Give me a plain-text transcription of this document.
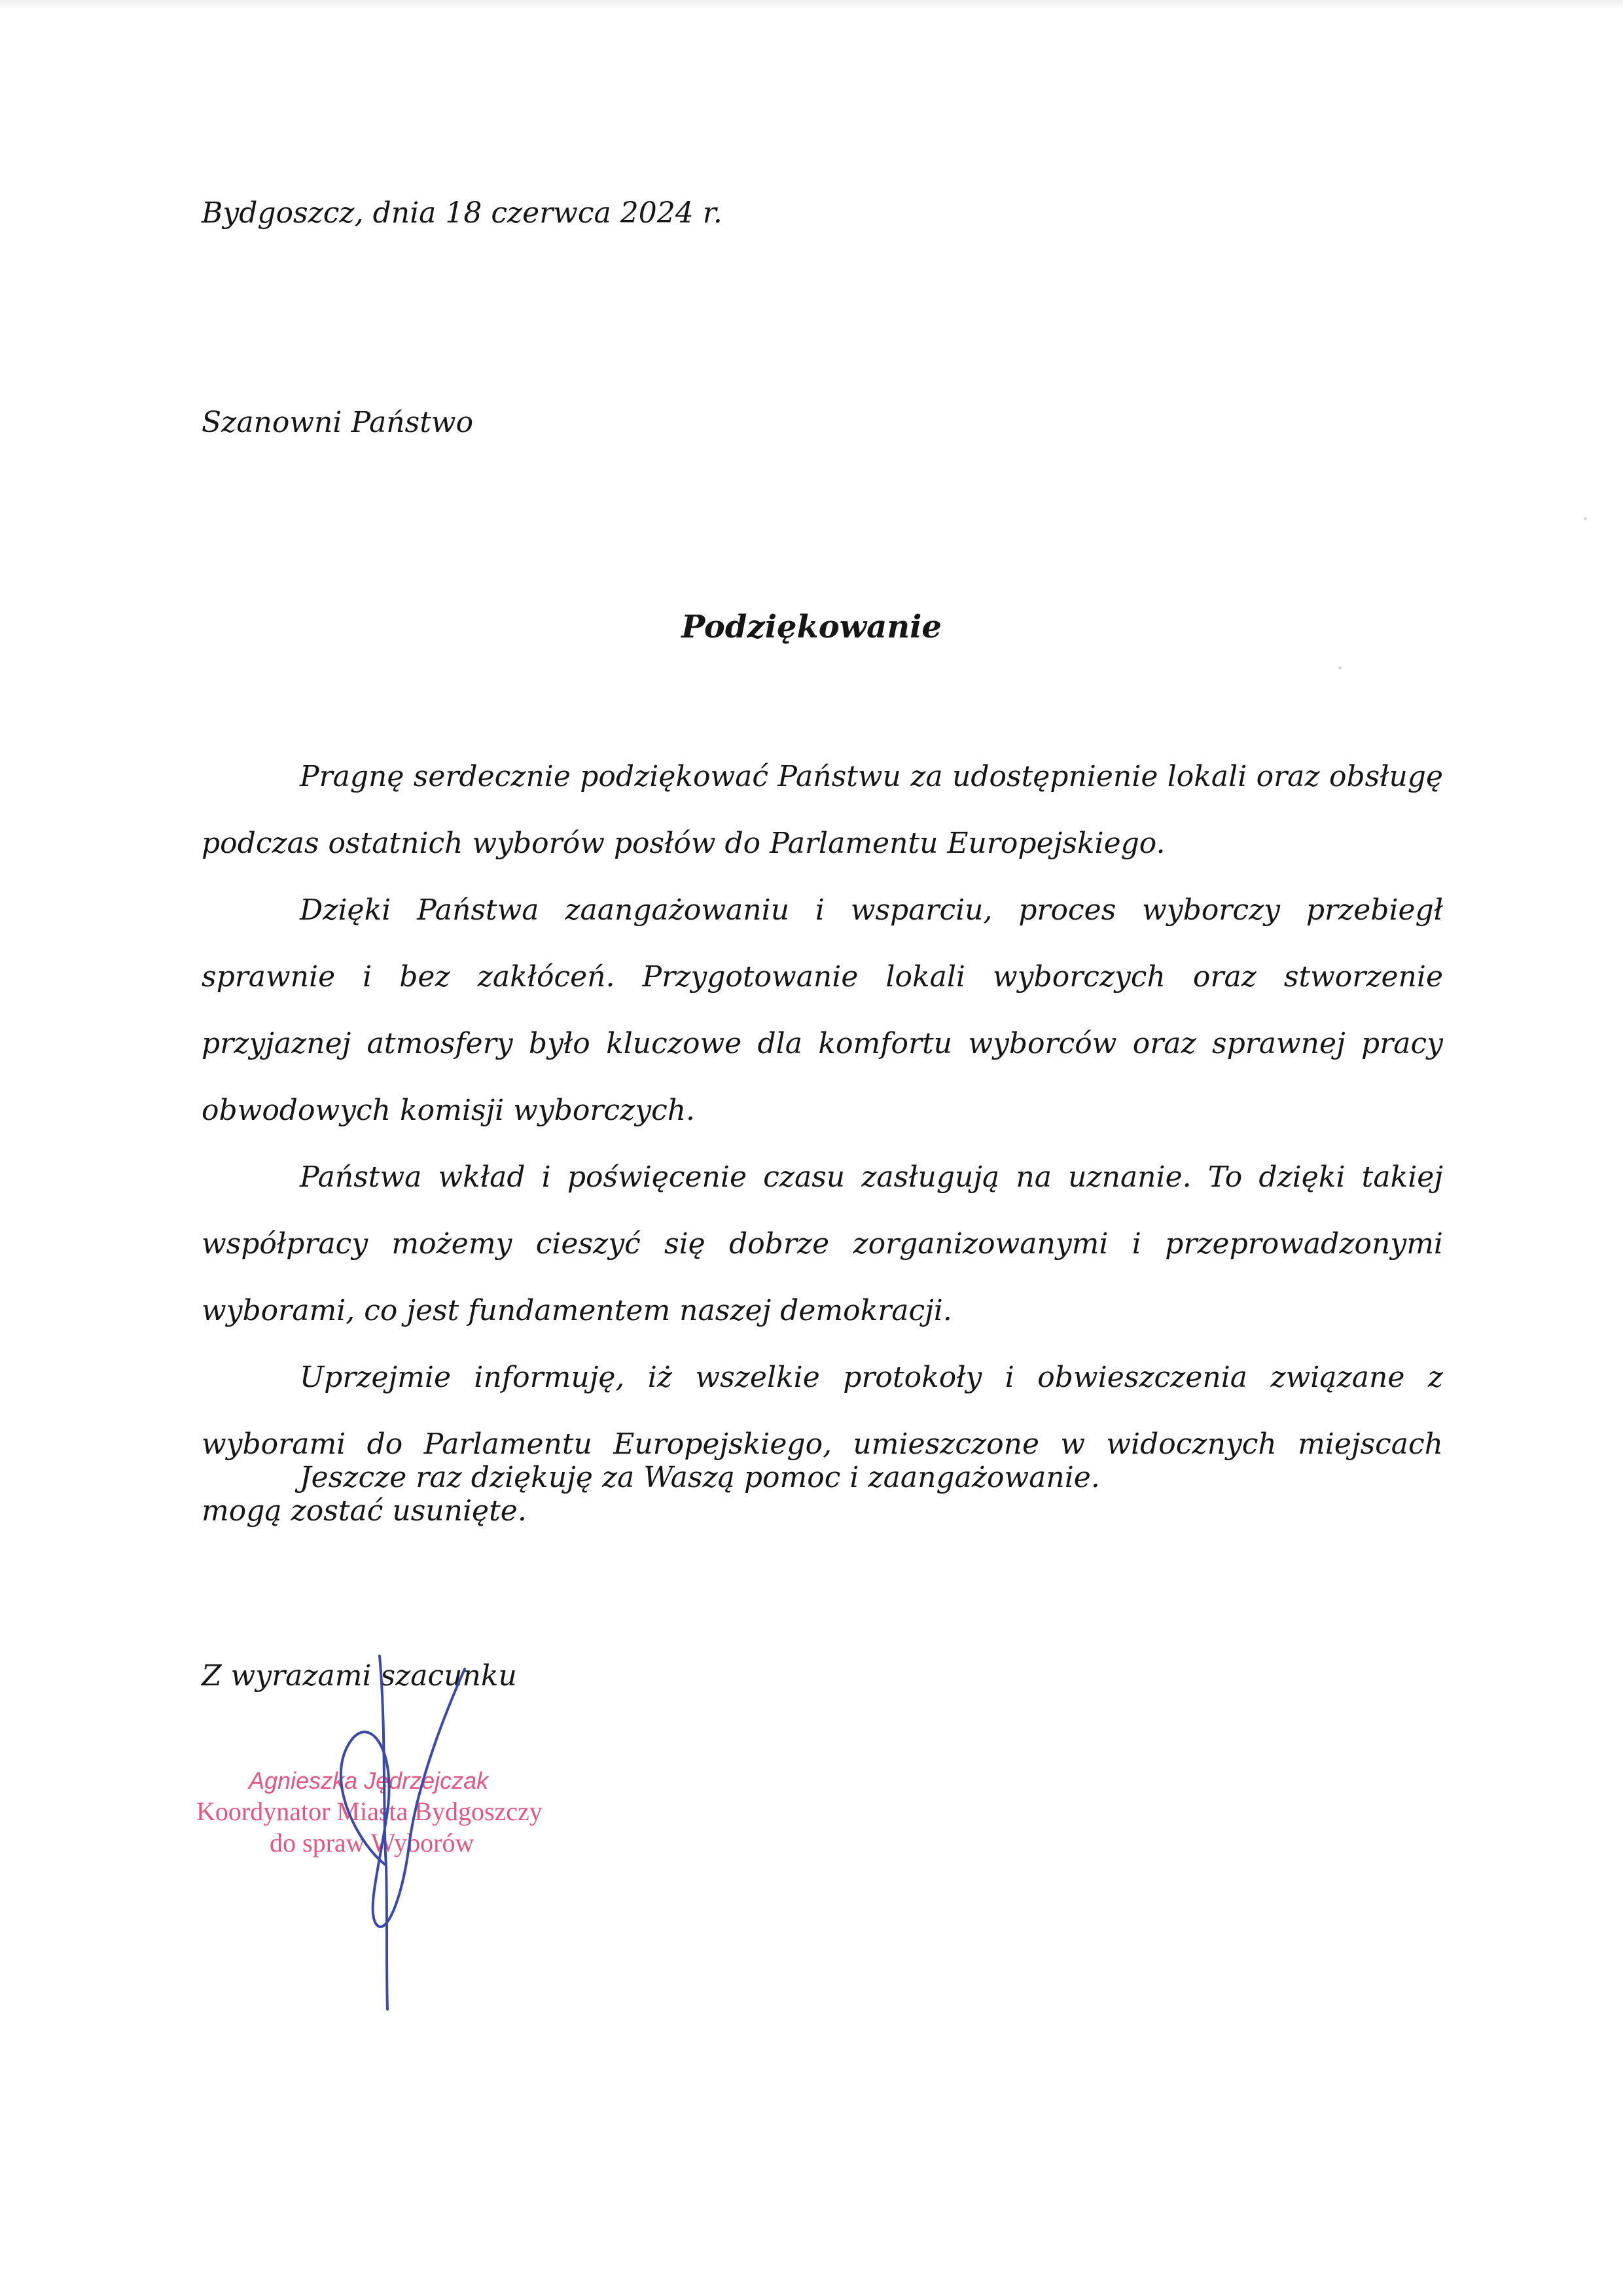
Bydgoszcz, dnia 18 czerwca 2024 r.
Szanowni Państwo
Podziękowanie

Pragnę serdecznie podziękować Państwu za udostępnienie lokali oraz obsługę podczas ostatnich wyborów posłów do Parlamentu Europejskiego.

Dzięki Państwa zaangażowaniu i wsparciu, proces wyborczy przebiegł sprawnie i bez zakłóceń. Przygotowanie lokali wyborczych oraz stworzenie przyjaznej atmosfery było kluczowe dla komfortu wyborców oraz sprawnej pracy obwodowych komisji wyborczych.

Państwa wkład i poświęcenie czasu zasługują na uznanie. To dzięki takiej współpracy możemy cieszyć się dobrze zorganizowanymi i przeprowadzonymi wyborami, co jest fundamentem naszej demokracji.

Uprzejmie informuję, iż wszelkie protokoły i obwieszczenia związane z wyborami do Parlamentu Europejskiego, umieszczone w widocznych miejscach mogą zostać usunięte.

Jeszcze raz dziękuję za Waszą pomoc i zaangażowanie.
Z wyrazami szacunku
Agnieszka Jędrzejczak
Koordynator Miasta Bydgoszczy
do spraw Wyborów
